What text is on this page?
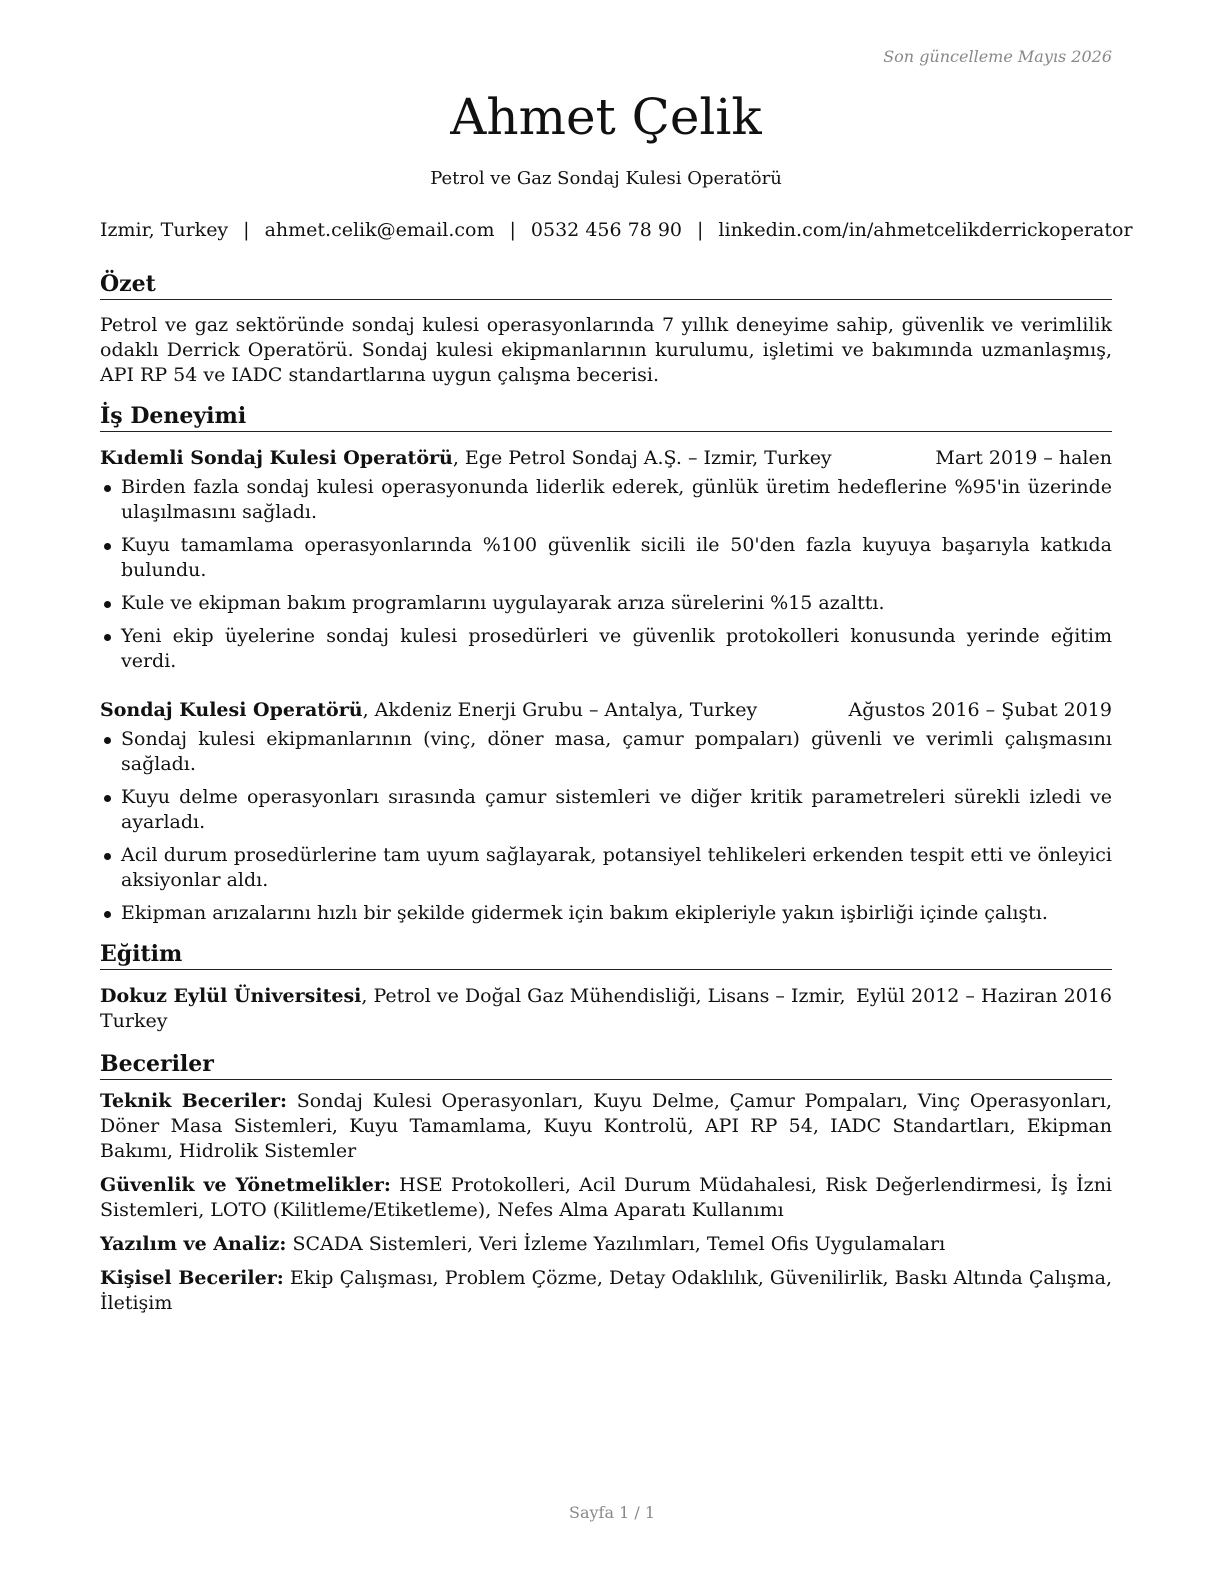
Son güncelleme Mayıs 2026
Ahmet Çelik
Petrol ve Gaz Sondaj Kulesi Operatörü
Izmir, Turkey | ahmet.celik@email.com | 0532 456 78 90 | linkedin.com/in/ahmetcelikderrickoperator
Özet

Petrol ve gaz sektöründe sondaj kulesi operasyonlarında 7 yıllık deneyime sahip, güvenlik ve verimlilik odaklı Derrick Operatörü. Sondaj kulesi ekipmanlarının kurulumu, işletimi ve bakımında uzmanlaşmış, API RP 54 ve IADC standartlarına uygun çalışma becerisi.

İş Deneyimi
Kıdemli Sondaj Kulesi Operatörü, Ege Petrol Sondaj A.Ş. – Izmir, Turkey	Mart 2019 – halen
Birden fazla sondaj kulesi operasyonunda liderlik ederek, günlük üretim hedeflerine %95'in üzerinde ulaşılmasını sağladı.
Kuyu tamamlama operasyonlarında %100 güvenlik sicili ile 50'den fazla kuyuya başarıyla katkıda bulundu.
Kule ve ekipman bakım programlarını uygulayarak arıza sürelerini %15 azalttı.
Yeni ekip üyelerine sondaj kulesi prosedürleri ve güvenlik protokolleri konusunda yerinde eğitim verdi.
Sondaj Kulesi Operatörü, Akdeniz Enerji Grubu – Antalya, Turkey	Ağustos 2016 – Şubat 2019
Sondaj kulesi ekipmanlarının (vinç, döner masa, çamur pompaları) güvenli ve verimli çalışmasını sağladı.
Kuyu delme operasyonları sırasında çamur sistemleri ve diğer kritik parametreleri sürekli izledi ve ayarladı.
Acil durum prosedürlerine tam uyum sağlayarak, potansiyel tehlikeleri erkenden tespit etti ve önleyici aksiyonlar aldı.
Ekipman arızalarını hızlı bir şekilde gidermek için bakım ekipleriyle yakın işbirliği içinde çalıştı.
Eğitim
Dokuz Eylül Üniversitesi, Petrol ve Doğal Gaz Mühendisliği, Lisans – Izmir, Turkey
Eylül 2012 – Haziran 2016
Beceriler
Teknik Beceriler: Sondaj Kulesi Operasyonları, Kuyu Delme, Çamur Pompaları, Vinç Operasyonları, Döner Masa Sistemleri, Kuyu Tamamlama, Kuyu Kontrolü, API RP 54, IADC Standartları, Ekipman Bakımı, Hidrolik Sistemler
Güvenlik ve Yönetmelikler: HSE Protokolleri, Acil Durum Müdahalesi, Risk Değerlendirmesi, İş İzni Sistemleri, LOTO (Kilitleme/Etiketleme), Nefes Alma Aparatı Kullanımı
Yazılım ve Analiz: SCADA Sistemleri, Veri İzleme Yazılımları, Temel Ofis Uygulamaları
Kişisel Beceriler: Ekip Çalışması, Problem Çözme, Detay Odaklılık, Güvenilirlik, Baskı Altında Çalışma, İletişim
Sayfa 1 / 1
